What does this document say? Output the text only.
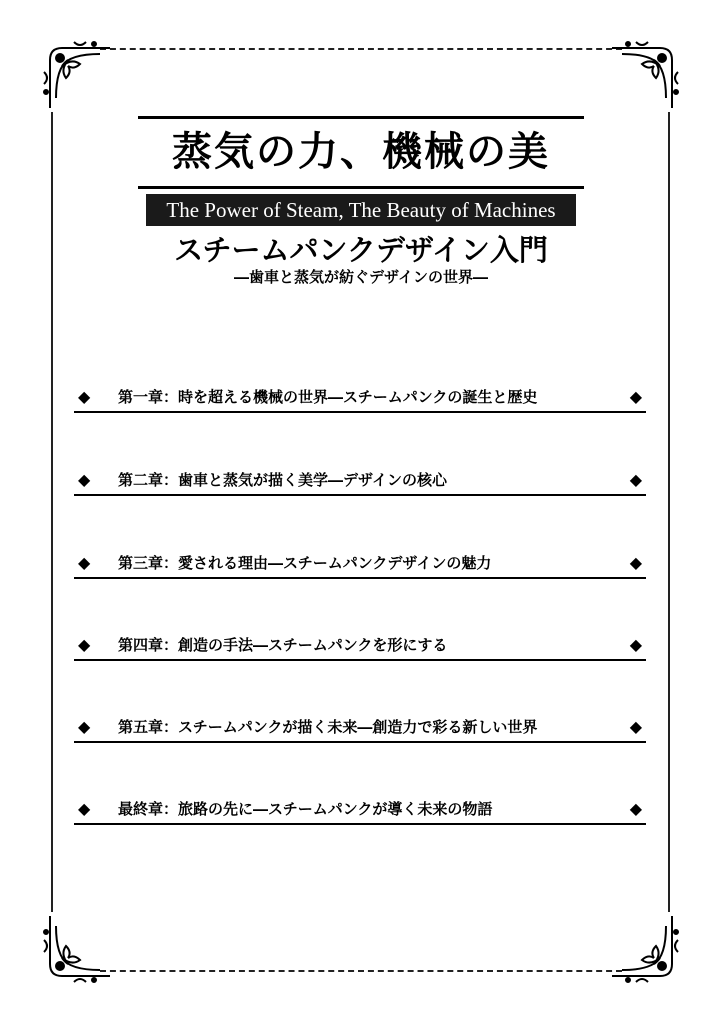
蒸気の力、機械の美
The Power of Steam, The Beauty of Machines
スチームパンクデザイン入門
―歯車と蒸気が紡ぐデザインの世界―
◆ 第一章：時を超える機械の世界―スチームパンクの誕生と歴史	◆
◆ 第二章：歯車と蒸気が描く美学―デザインの核心	◆
◆ 第三章：愛される理由―スチームパンクデザインの魅力	◆
◆ 第四章：創造の手法―スチームパンクを形にする	◆
◆ 第五章：スチームパンクが描く未来―創造力で彩る新しい世界	◆
◆ 最終章：旅路の先に―スチームパンクが導く未来の物語	◆
